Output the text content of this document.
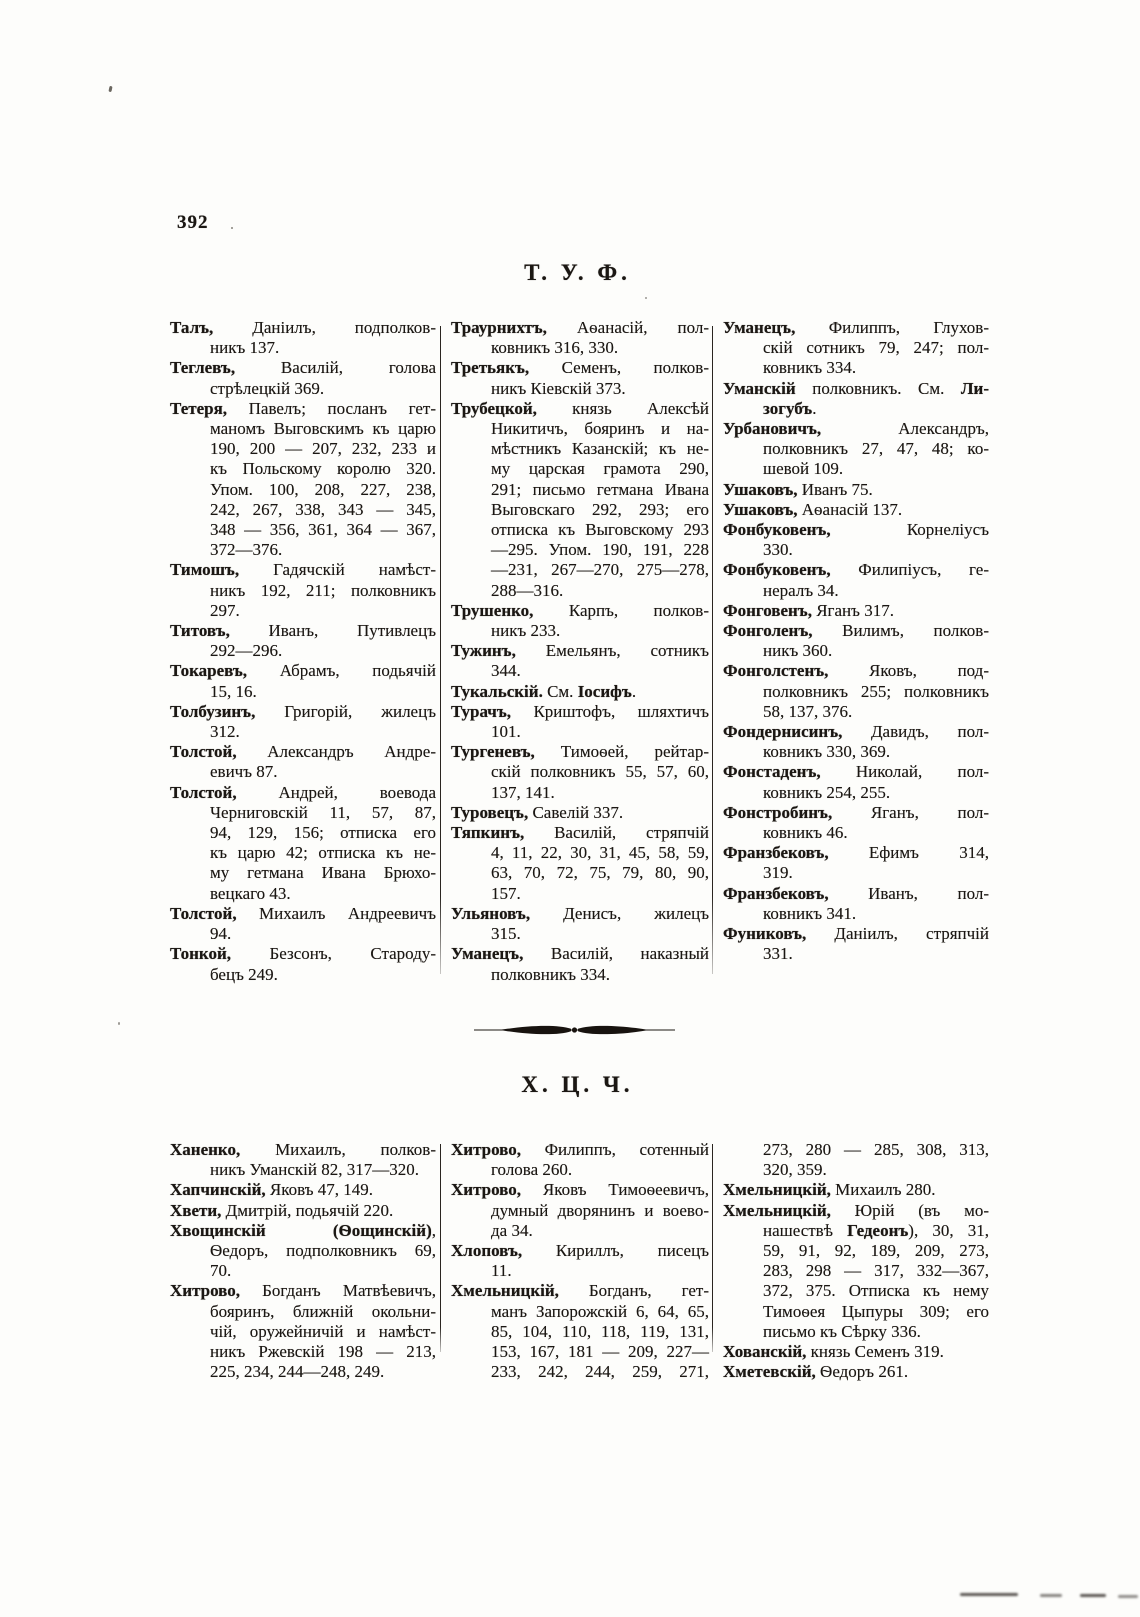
392
Т. У. Ф.
Талъ, Даніилъ, подполков-
никъ 137.
Теглевъ, Василій, голова
стрѣлецкій 369.
Тетеря, Павелъ; посланъ гет-
маномъ Выговскимъ къ царю
190, 200 — 207, 232, 233 и
къ Польскому королю 320.
Упом. 100, 208, 227, 238,
242, 267, 338, 343 — 345,
348 — 356, 361, 364 — 367,
372—376.
Тимошъ, Гадячскій намѣст-
никъ 192, 211; полковникъ
297.
Титовъ, Иванъ, Путивлецъ
292—296.
Токаревъ, Абрамъ, подьячій
15, 16.
Толбузинъ, Григорій, жилецъ
312.
Толстой, Александръ Андре-
евичъ 87.
Толстой, Андрей, воевода
Черниговскій 11, 57, 87,
94, 129, 156; отписка его
къ царю 42; отписка къ не-
му гетмана Ивана Брюхо-
вецкаго 43.
Толстой, Михаилъ Андреевичъ
94.
Тонкой, Безсонъ, Староду-
бецъ 249.
Траурнихтъ, Аѳанасій, пол-
ковникъ 316, 330.
Третьякъ, Семенъ, полков-
никъ Кіевскій 373.
Трубецкой, князь Алексѣй
Никитичъ, бояринъ и на-
мѣстникъ Казанскій; къ не-
му царская грамота 290,
291; письмо гетмана Ивана
Выговскаго 292, 293; его
отписка къ Выговскому 293
—295. Упом. 190, 191, 228
—231, 267—270, 275—278,
288—316.
Трушенко, Карпъ, полков-
никъ 233.
Тужинъ, Емельянъ, сотникъ
344.
Тукальскій. См. Іосифъ.
Турачъ, Криштофъ, шляхтичъ
101.
Тургеневъ, Тимоѳей, рейтар-
скій полковникъ 55, 57, 60,
137, 141.
Туровецъ, Савелій 337.
Тяпкинъ, Василій, стряпчій
4, 11, 22, 30, 31, 45, 58, 59,
63, 70, 72, 75, 79, 80, 90,
157.
Ульяновъ, Денисъ, жилецъ
315.
Уманецъ, Василій, наказный
полковникъ 334.
Уманецъ, Филиппъ, Глухов-
скій сотникъ 79, 247; пол-
ковникъ 334.
Уманскій полковникъ. См. Ли-
зогубъ.
Урбановичъ, Александръ,
полковникъ 27, 47, 48; ко-
шевой 109.
Ушаковъ, Иванъ 75.
Ушаковъ, Аѳанасій 137.
Фонбуковенъ, Корнеліусъ
330.
Фонбуковенъ, Филипіусъ, ге-
нералъ 34.
Фонговенъ, Яганъ 317.
Фонголенъ, Вилимъ, полков-
никъ 360.
Фонголстенъ, Яковъ, под-
полковникъ 255; полковникъ
58, 137, 376.
Фондернисинъ, Давидъ, пол-
ковникъ 330, 369.
Фонстаденъ, Николай, пол-
ковникъ 254, 255.
Фонстробинъ, Яганъ, пол-
ковникъ 46.
Франзбековъ, Ефимъ 314,
319.
Франзбековъ, Иванъ, пол-
ковникъ 341.
Фуниковъ, Даніилъ, стряпчій
331.
Х. Ц. Ч.
Ханенко, Михаилъ, полков-
никъ Уманскій 82, 317—320.
Хапчинскій, Яковъ 47, 149.
Хвети, Дмитрій, подьячій 220.
Хвощинскій	(Ѳощинскій),
Ѳедоръ, подполковникъ 69,
70.
Хитрово, Богданъ Матвѣевичъ,
бояринъ, ближній окольни-
чій, оружейничій и намѣст-
никъ Ржевскій 198 — 213,
225, 234, 244—248, 249.
Хитрово, Филиппъ, сотенный
голова 260.
Хитрово, Яковъ Тимоѳеевичъ,
думный дворянинъ и воево-
да 34.
Хлоповъ, Кириллъ, писецъ
11.
Хмельницкій, Богданъ, гет-
манъ Запорожскій 6, 64, 65,
85, 104, 110, 118, 119, 131,
153, 167, 181 — 209, 227—
233, 242, 244, 259, 271,
273, 280 — 285, 308, 313,
320, 359.
Хмельницкій, Михаилъ 280.
Хмельницкій, Юрій (въ мо-
нашествѣ Гедеонъ), 30, 31,
59, 91, 92, 189, 209, 273,
283, 298 — 317, 332—367,
372, 375. Отписка къ нему
Тимоѳея Цыпуры 309; его
письмо къ Сѣрку 336.
Хованскій, князь Семенъ 319.
Хметевскій, Ѳедоръ 261.
